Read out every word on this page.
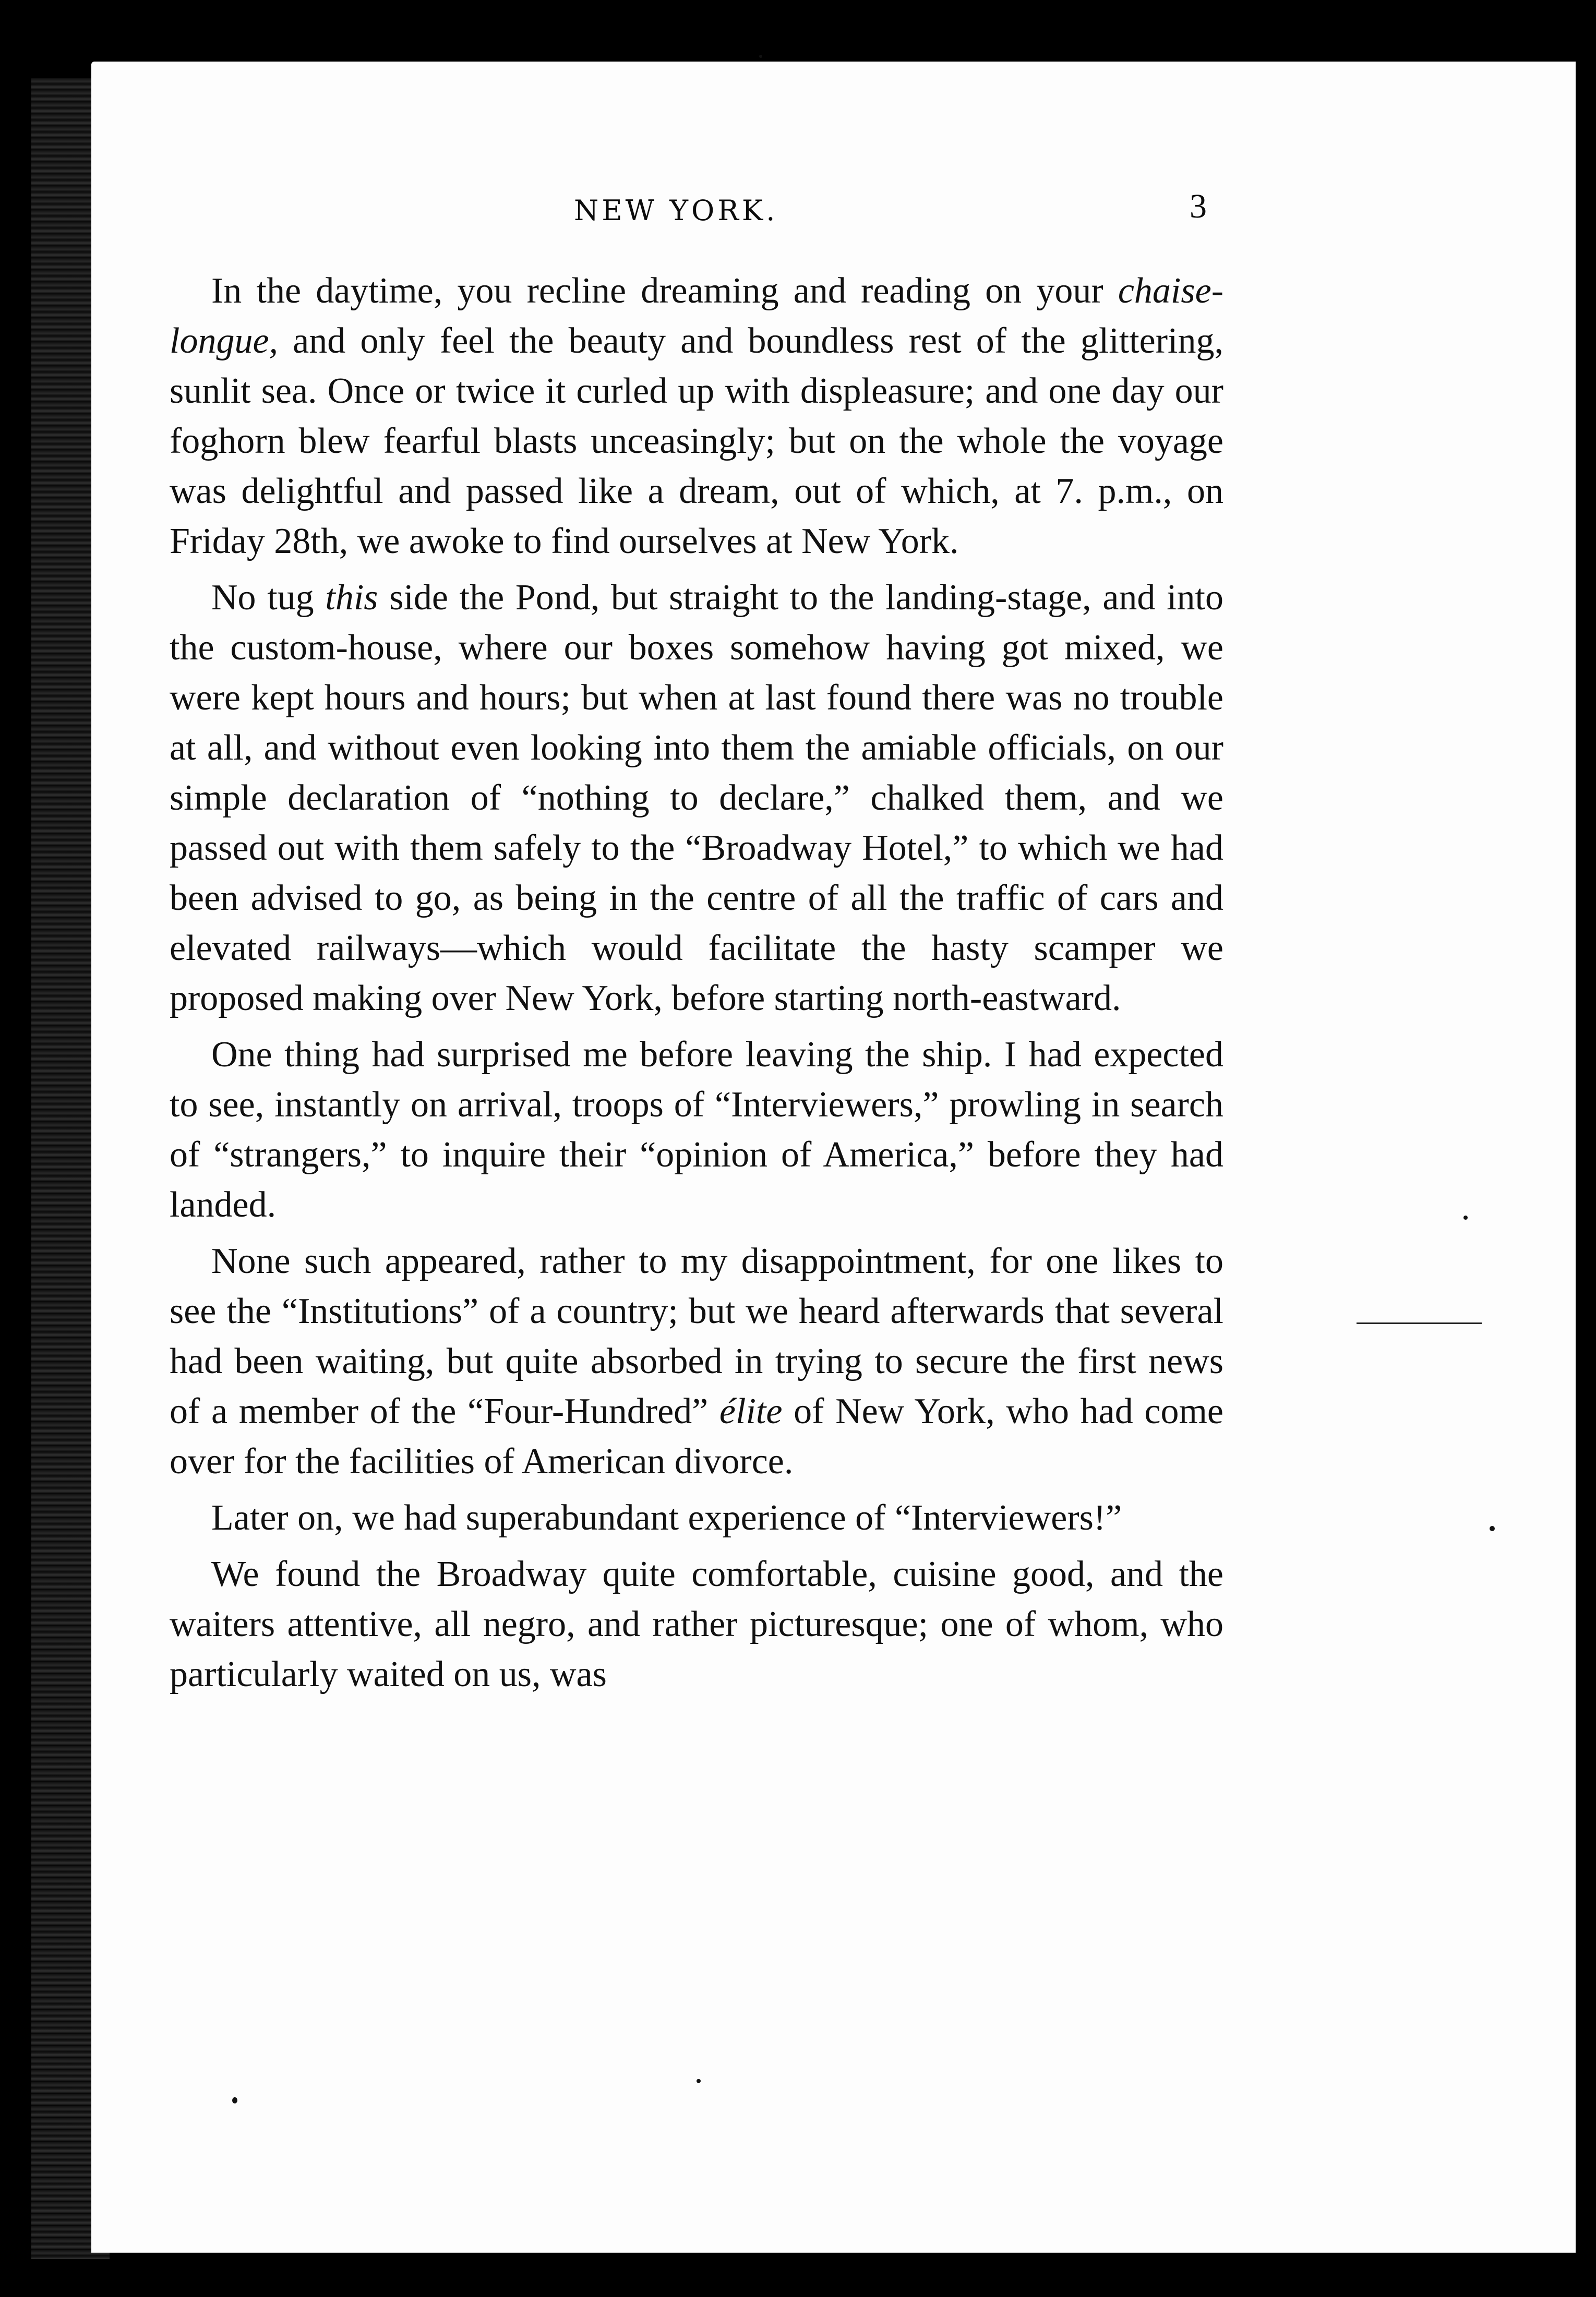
NEW YORK.	3

In the daytime, you recline dreaming and reading on your chaise-longue, and only feel the beauty and boundless rest of the glittering, sunlit sea. Once or twice it curled up with displeasure; and one day our foghorn blew fearful blasts unceasingly; but on the whole the voyage was delightful and passed like a dream, out of which, at 7. p.m., on Friday 28th, we awoke to find ourselves at New York.

No tug this side the Pond, but straight to the landing-stage, and into the custom-house, where our boxes somehow having got mixed, we were kept hours and hours; but when at last found there was no trouble at all, and without even looking into them the amiable officials, on our simple declaration of “nothing to declare,” chalked them, and we passed out with them safely to the “Broadway Hotel,” to which we had been advised to go, as being in the centre of all the traffic of cars and elevated railways—which would facilitate the hasty scamper we proposed making over New York, before starting north-eastward.

One thing had surprised me before leaving the ship. I had expected to see, instantly on arrival, troops of “Interviewers,” prowling in search of “strangers,” to inquire their “opinion of America,” before they had landed.

None such appeared, rather to my disappointment, for one likes to see the “Institutions” of a country; but we heard afterwards that several had been waiting, but quite absorbed in trying to secure the first news of a member of the “Four-Hundred” élite of New York, who had come over for the facilities of American divorce.

Later on, we had superabundant experience of “Interviewers!”

We found the Broadway quite comfortable, cuisine good, and the waiters attentive, all negro, and rather picturesque; one of whom, who particularly waited on us, was
